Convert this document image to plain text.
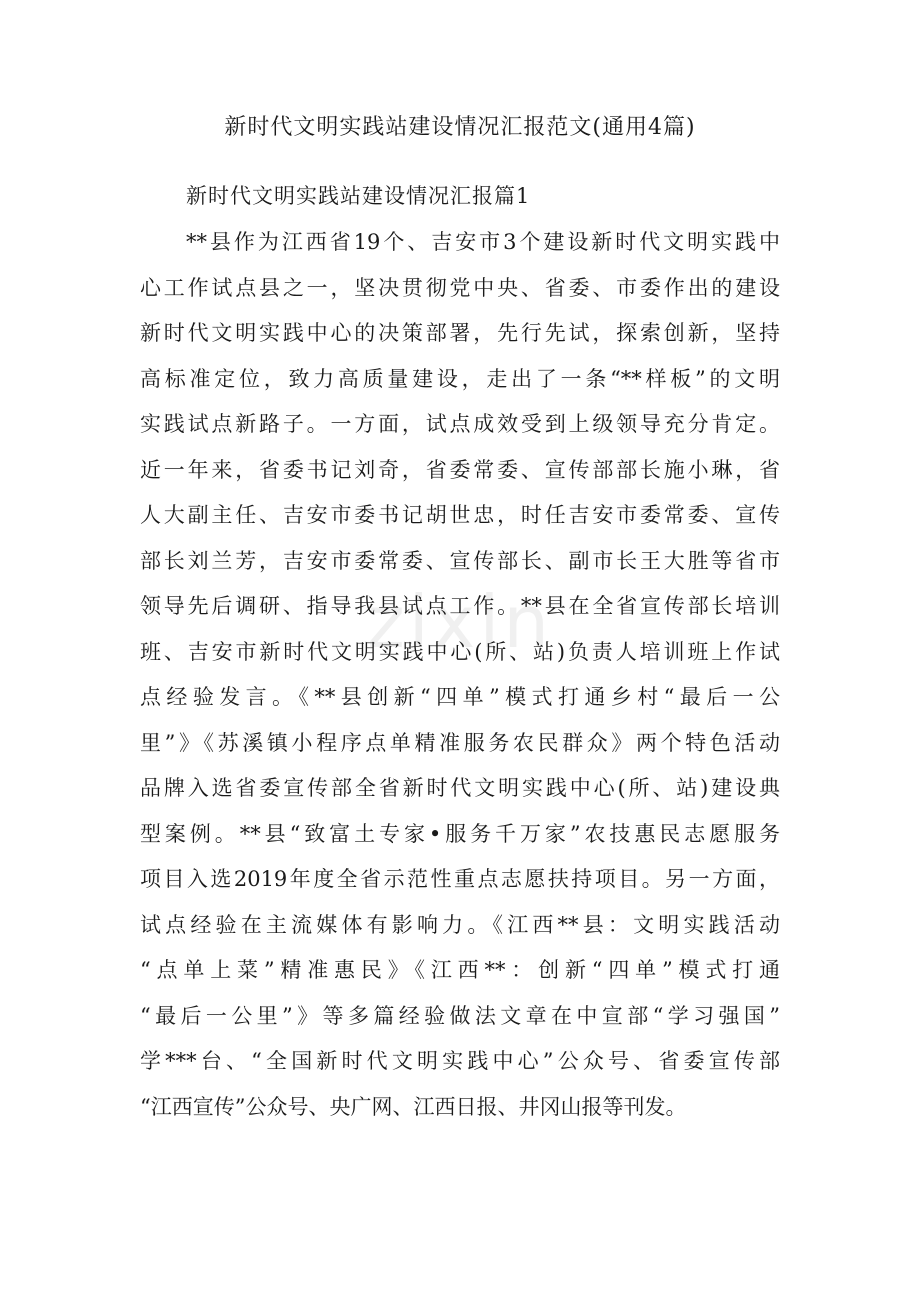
新时代文明实践站建设情况汇报范文(通用4篇)
新时代文明实践站建设情况汇报篇1
**县作为江西省19个、吉安市3个建设新时代文明实践中
心工作试点县之一，坚决贯彻党中央、省委、市委作出的建设
新时代文明实践中心的决策部署，先行先试，探索创新，坚持
高标准定位，致力高质量建设，走出了一条“**样板”的文明
实践试点新路子。一方面，试点成效受到上级领导充分肯定。
近一年来，省委书记刘奇，省委常委、宣传部部长施小琳，省
人大副主任、吉安市委书记胡世忠，时任吉安市委常委、宣传
部长刘兰芳，吉安市委常委、宣传部长、副市长王大胜等省市
领导先后调研、指导我县试点工作。**县在全省宣传部长培训
班、吉安市新时代文明实践中心(所、站)负责人培训班上作试
点经验发言。《**县创新“四单”模式打通乡村“最后一公
里”》《苏溪镇小程序点单精准服务农民群众》两个特色活动
品牌入选省委宣传部全省新时代文明实践中心(所、站)建设典
型案例。**县“致富土专家•服务千万家”农技惠民志愿服务
项目入选2019年度全省示范性重点志愿扶持项目。另一方面，
试点经验在主流媒体有影响力。《江西**县：文明实践活动
“点单上菜”精准惠民》《江西**：创新“四单”模式打通
“最后一公里”》等多篇经验做法文章在中宣部“学习强国”
学***台、“全国新时代文明实践中心”公众号、省委宣传部
“江西宣传”公众号、央广网、江西日报、井冈山报等刊发。
zixin
